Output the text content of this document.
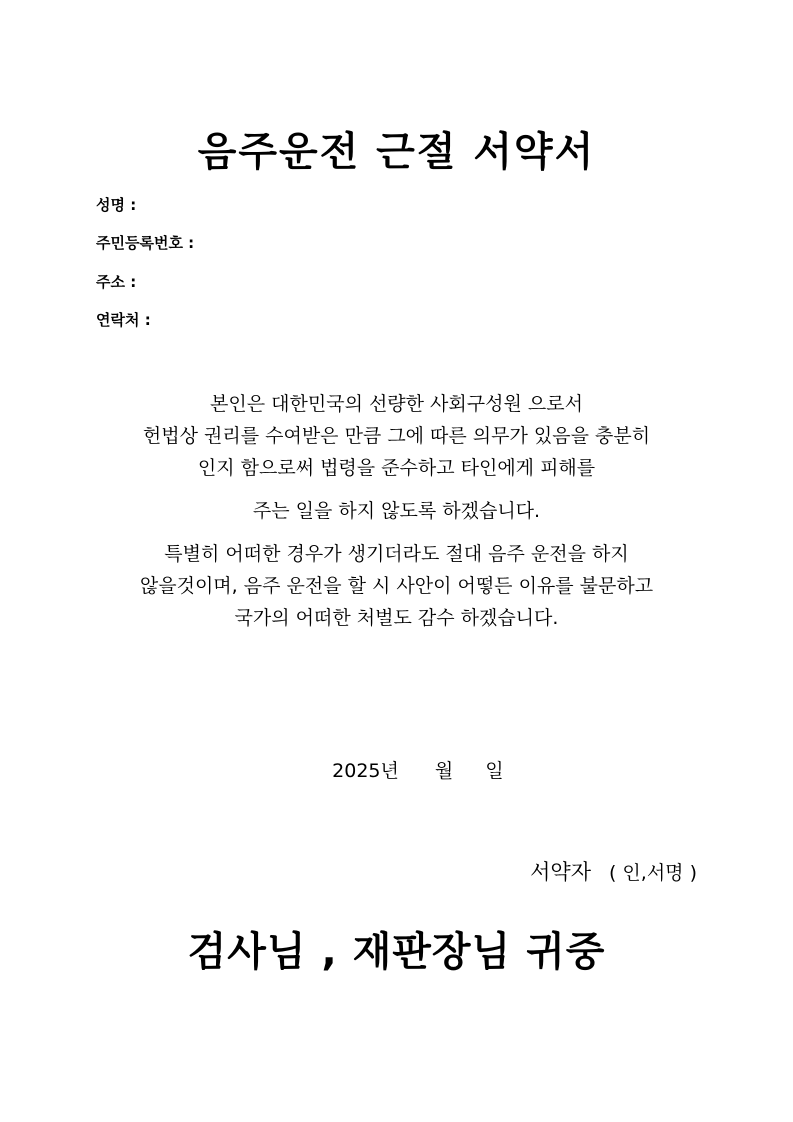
음주운전 근절 서약서
성명 :
주민등록번호 :
주소 :
연락처 :
본인은 대한민국의 선량한 사회구성원 으로서
헌법상 권리를 수여받은 만큼 그에 따른 의무가 있음을 충분히
인지 함으로써 법령을 준수하고 타인에게 피해를
주는 일을 하지 않도록 하겠습니다.
특별히 어떠한 경우가 생기더라도 절대 음주 운전을 하지
않을것이며, 음주 운전을 할 시 사안이 어떻든 이유를 불문하고
국가의 어떠한 처벌도 감수 하겠습니다.

2025년 월 일

서약자 ( 인,서명 )

검사님 , 재판장님 귀중
